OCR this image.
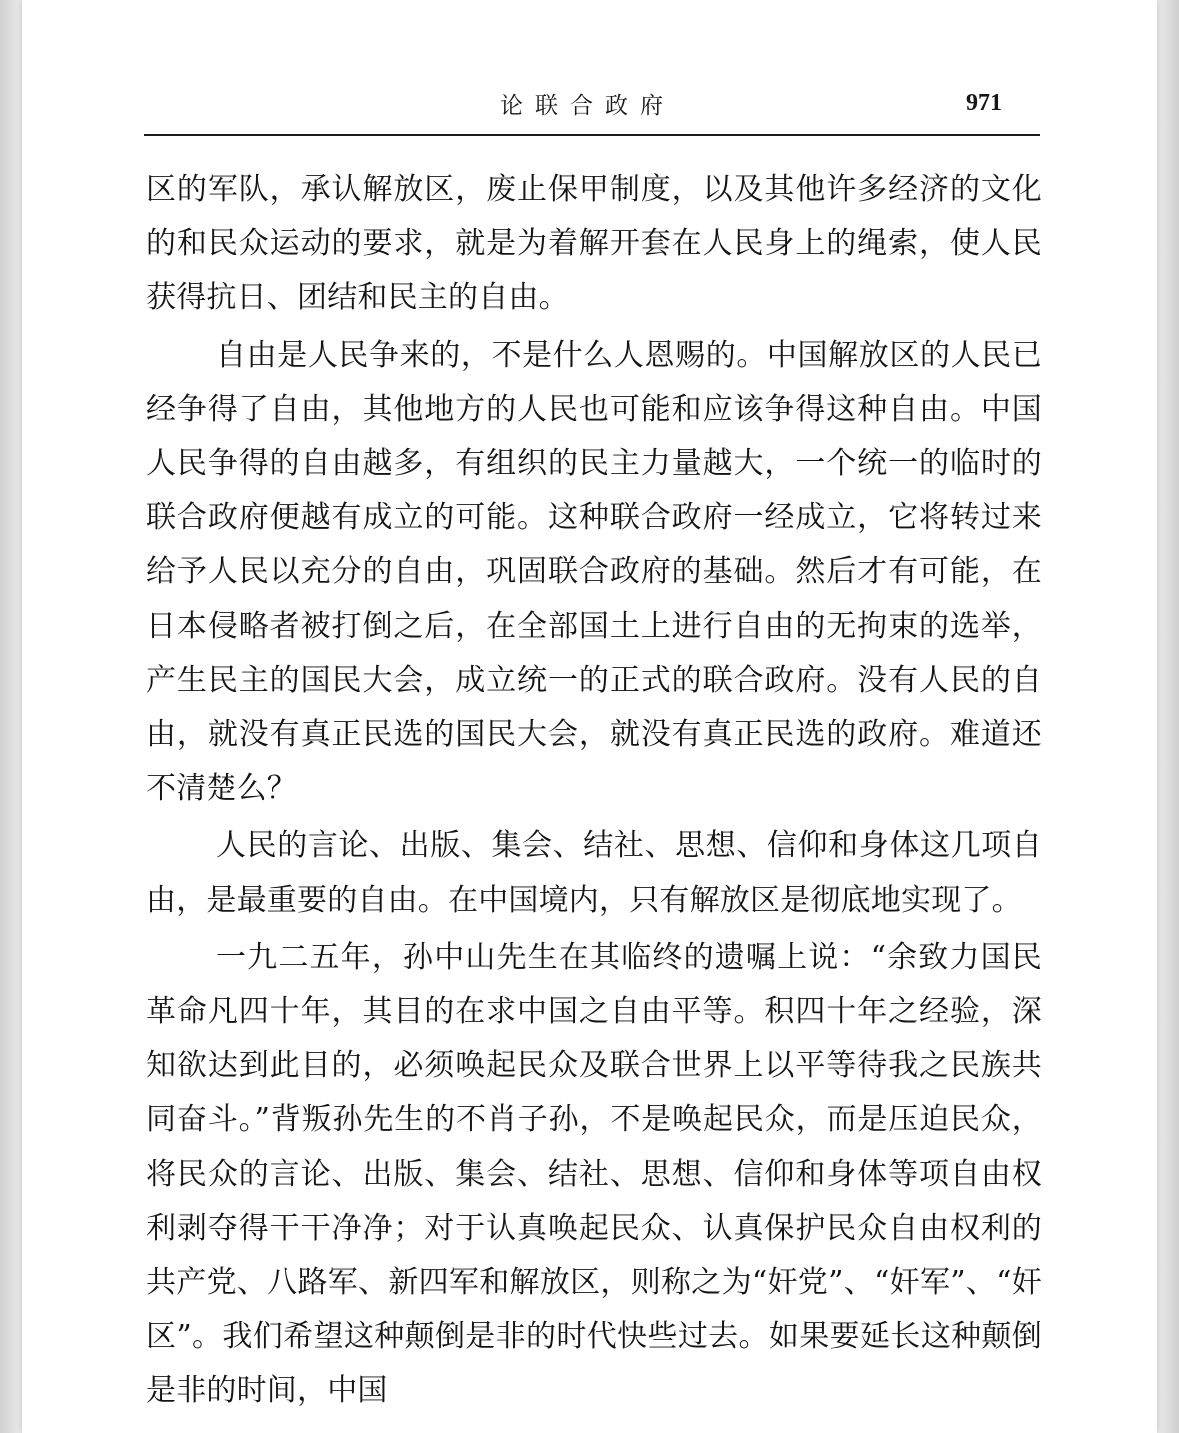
论联合政府	971

区的军队，承认解放区，废止保甲制度，以及其他许多经济的文化的和民众运动的要求，就是为着解开套在人民身上的绳索，使人民获得抗日、团结和民主的自由。

自由是人民争来的，不是什么人恩赐的。中国解放区的人民已经争得了自由，其他地方的人民也可能和应该争得这种自由。中国人民争得的自由越多，有组织的民主力量越大，一个统一的临时的联合政府便越有成立的可能。这种联合政府一经成立，它将转过来给予人民以充分的自由，巩固联合政府的基础。然后才有可能，在日本侵略者被打倒之后，在全部国土上进行自由的无拘束的选举，产生民主的国民大会，成立统一的正式的联合政府。没有人民的自由，就没有真正民选的国民大会，就没有真正民选的政府。难道还不清楚么？

人民的言论、出版、集会、结社、思想、信仰和身体这几项自由，是最重要的自由。在中国境内，只有解放区是彻底地实现了。

一九二五年，孙中山先生在其临终的遗嘱上说：“余致力国民革命凡四十年，其目的在求中国之自由平等。积四十年之经验，深知欲达到此目的，必须唤起民众及联合世界上以平等待我之民族共同奋斗。”背叛孙先生的不肖子孙，不是唤起民众，而是压迫民众，将民众的言论、出版、集会、结社、思想、信仰和身体等项自由权利剥夺得干干净净；对于认真唤起民众、认真保护民众自由权利的共产党、八路军、新四军和解放区，则称之为“奸党”、“奸军”、“奸区”。我们希望这种颠倒是非的时代快些过去。如果要延长这种颠倒是非的时间，中国
